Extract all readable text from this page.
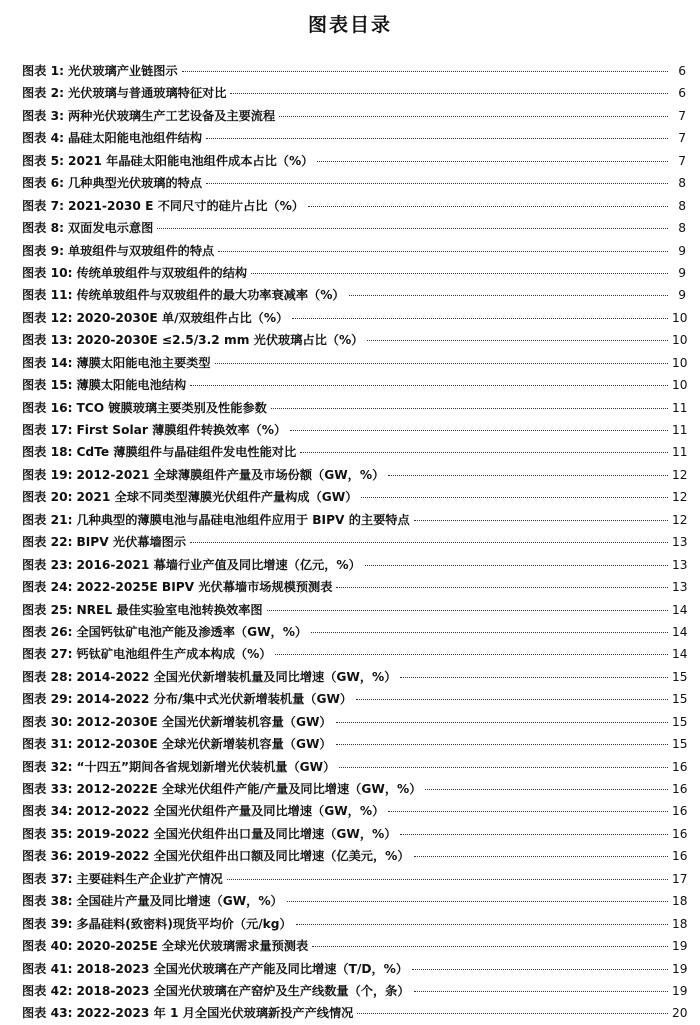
图表目录
图表 1: 光伏玻璃产业链图示	6
图表 2: 光伏玻璃与普通玻璃特征对比	6
图表 3: 两种光伏玻璃生产工艺设备及主要流程	7
图表 4: 晶硅太阳能电池组件结构	7
图表 5: 2021 年晶硅太阳能电池组件成本占比（%）	7
图表 6: 几种典型光伏玻璃的特点	8
图表 7: 2021-2030 E 不同尺寸的硅片占比（%）	8
图表 8: 双面发电示意图	8
图表 9: 单玻组件与双玻组件的特点	9
图表 10: 传统单玻组件与双玻组件的结构	9
图表 11: 传统单玻组件与双玻组件的最大功率衰减率（%）	9
图表 12: 2020-2030E 单/双玻组件占比（%）	10
图表 13: 2020-2030E ≤2.5/3.2 mm 光伏玻璃占比（%）	10
图表 14: 薄膜太阳能电池主要类型	10
图表 15: 薄膜太阳能电池结构	10
图表 16: TCO 镀膜玻璃主要类别及性能参数	11
图表 17: First Solar 薄膜组件转换效率（%）	11
图表 18: CdTe 薄膜组件与晶硅组件发电性能对比	11
图表 19: 2012-2021 全球薄膜组件产量及市场份额（GW，%）	12
图表 20: 2021 全球不同类型薄膜光伏组件产量构成（GW）	12
图表 21: 几种典型的薄膜电池与晶硅电池组件应用于 BIPV 的主要特点	12
图表 22: BIPV 光伏幕墙图示	13
图表 23: 2016-2021 幕墙行业产值及同比增速（亿元，%）	13
图表 24: 2022-2025E BIPV 光伏幕墙市场规模预测表	13
图表 25: NREL 最佳实验室电池转换效率图	14
图表 26: 全国钙钛矿电池产能及渗透率（GW，%）	14
图表 27: 钙钛矿电池组件生产成本构成（%）	14
图表 28: 2014-2022 全国光伏新增装机量及同比增速（GW，%）	15
图表 29: 2014-2022 分布/集中式光伏新增装机量（GW）	15
图表 30: 2012-2030E 全国光伏新增装机容量（GW）	15
图表 31: 2012-2030E 全球光伏新增装机容量（GW）	15
图表 32: “十四五”期间各省规划新增光伏装机量（GW）	16
图表 33: 2012-2022E 全球光伏组件产能/产量及同比增速（GW，%）	16
图表 34: 2012-2022 全国光伏组件产量及同比增速（GW，%）	16
图表 35: 2019-2022 全国光伏组件出口量及同比增速（GW，%）	16
图表 36: 2019-2022 全国光伏组件出口额及同比增速（亿美元，%）	16
图表 37: 主要硅料生产企业扩产情况	17
图表 38: 全国硅片产量及同比增速（GW，%）	18
图表 39: 多晶硅料(致密料)现货平均价（元/kg）	18
图表 40: 2020-2025E 全球光伏玻璃需求量预测表	19
图表 41: 2018-2023 全国光伏玻璃在产产能及同比增速（T/D，%）	19
图表 42: 2018-2023 全国光伏玻璃在产窑炉及生产线数量（个，条）	19
图表 43: 2022-2023 年 1 月全国光伏玻璃新投产产线情况	20
